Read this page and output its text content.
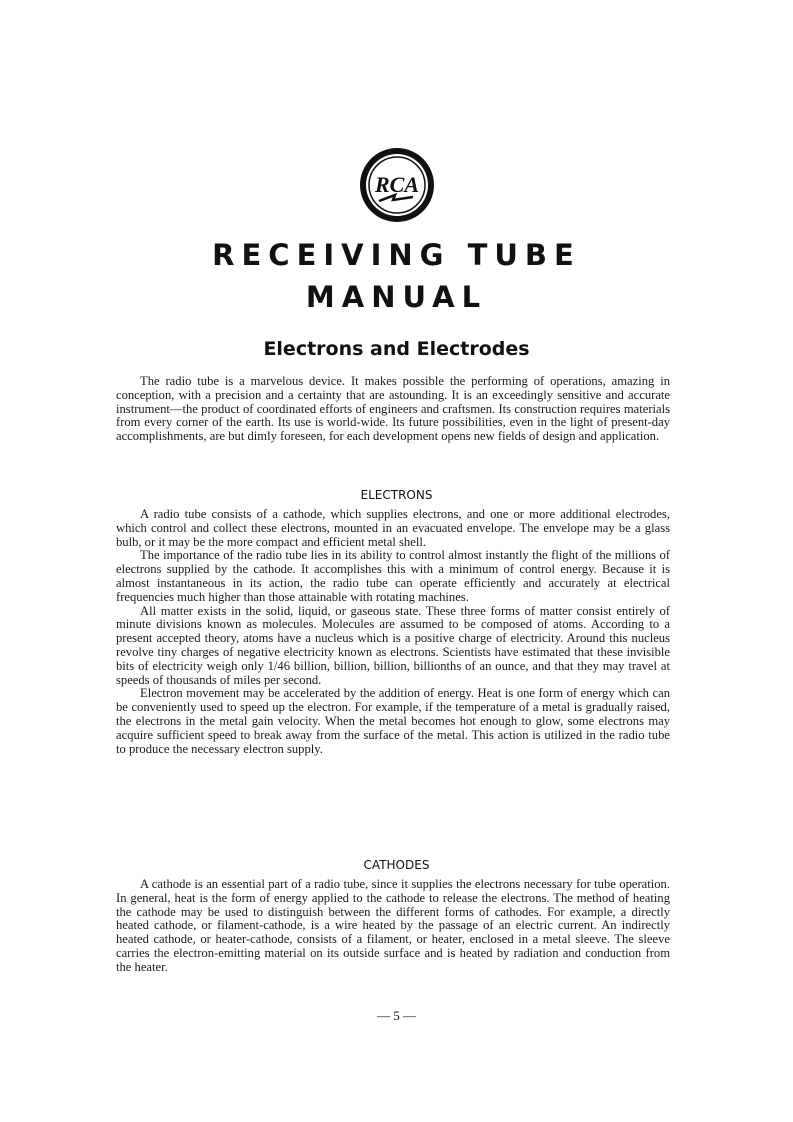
RCA
RECEIVING TUBE
MANUAL
Electrons and Electrodes

The radio tube is a marvelous device. It makes possible the performing of operations, amazing in conception, with a precision and a certainty that are astounding. It is an exceedingly sensitive and accurate instrument—the product of coordinated efforts of engineers and craftsmen. Its construction requires materials from every corner of the earth. Its use is world-wide. Its future possibilities, even in the light of present-day accomplishments, are but dimly foreseen, for each development opens new fields of design and application.

ELECTRONS

A radio tube consists of a cathode, which supplies electrons, and one or more additional electrodes, which control and collect these electrons, mounted in an evacuated envelope. The envelope may be a glass bulb, or it may be the more compact and efficient metal shell.

The importance of the radio tube lies in its ability to control almost instantly the flight of the millions of electrons supplied by the cathode. It accomplishes this with a minimum of control energy. Because it is almost instantaneous in its action, the radio tube can operate efficiently and accurately at electrical frequencies much higher than those attainable with rotating machines.

All matter exists in the solid, liquid, or gaseous state. These three forms of matter consist entirely of minute divisions known as molecules. Molecules are assumed to be composed of atoms. According to a present accepted theory, atoms have a nucleus which is a positive charge of electricity. Around this nucleus revolve tiny charges of negative electricity known as electrons. Scientists have estimated that these invisible bits of electricity weigh only 1/46 billion, billion, billion, billionths of an ounce, and that they may travel at speeds of thousands of miles per second.

Electron movement may be accelerated by the addition of energy. Heat is one form of energy which can be conveniently used to speed up the electron. For example, if the temperature of a metal is gradually raised, the electrons in the metal gain velocity. When the metal becomes hot enough to glow, some electrons may acquire sufficient speed to break away from the surface of the metal. This action is utilized in the radio tube to produce the necessary electron supply.

CATHODES

A cathode is an essential part of a radio tube, since it supplies the electrons necessary for tube operation. In general, heat is the form of energy applied to the cathode to release the electrons. The method of heating the cathode may be used to distinguish between the different forms of cathodes. For example, a directly heated cathode, or filament-cathode, is a wire heated by the passage of an electric current. An indirectly heated cathode, or heater-cathode, consists of a filament, or heater, enclosed in a metal sleeve. The sleeve carries the electron-emitting material on its outside surface and is heated by radiation and conduction from the heater.

— 5 —
